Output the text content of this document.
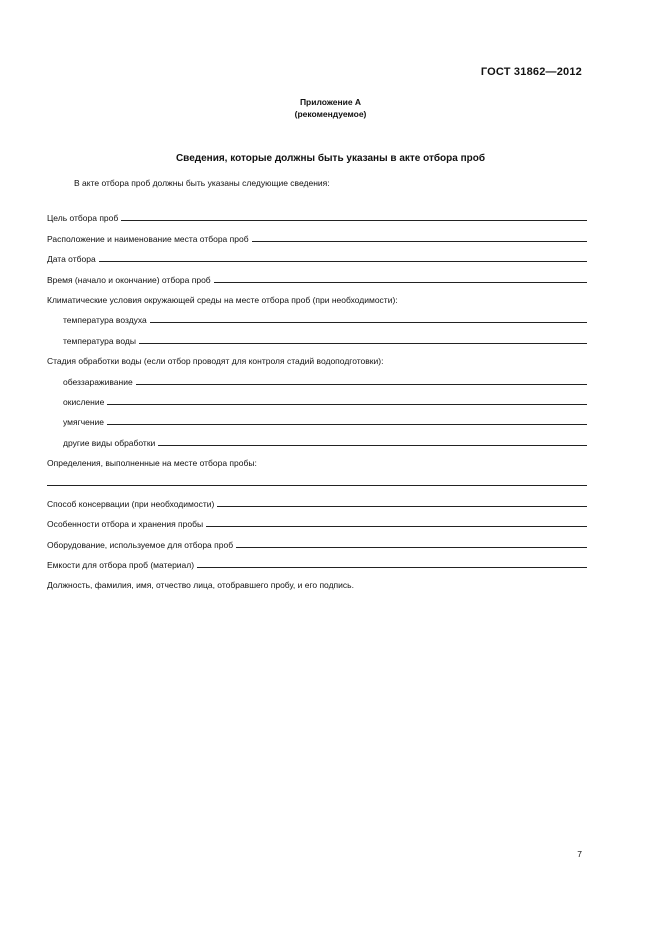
ГОСТ 31862—2012
Приложение А
(рекомендуемое)
Сведения, которые должны быть указаны в акте отбора проб
В акте отбора проб должны быть указаны следующие сведения:
Цель отбора проб
Расположение и наименование места отбора проб
Дата отбора
Время (начало и окончание) отбора проб
Климатические условия окружающей среды на месте отбора проб (при необходимости):
температура воздуха
температура воды
Стадия обработки воды (если отбор проводят для контроля стадий водоподготовки):
обеззараживание
окисление
умягчение
другие виды обработки
Определения, выполненные на месте отбора пробы:
Способ консервации (при необходимости)
Особенности отбора и хранения пробы
Оборудование, используемое для отбора проб
Емкости для отбора проб (материал)
Должность, фамилия, имя, отчество лица, отобравшего пробу, и его подпись.
7
